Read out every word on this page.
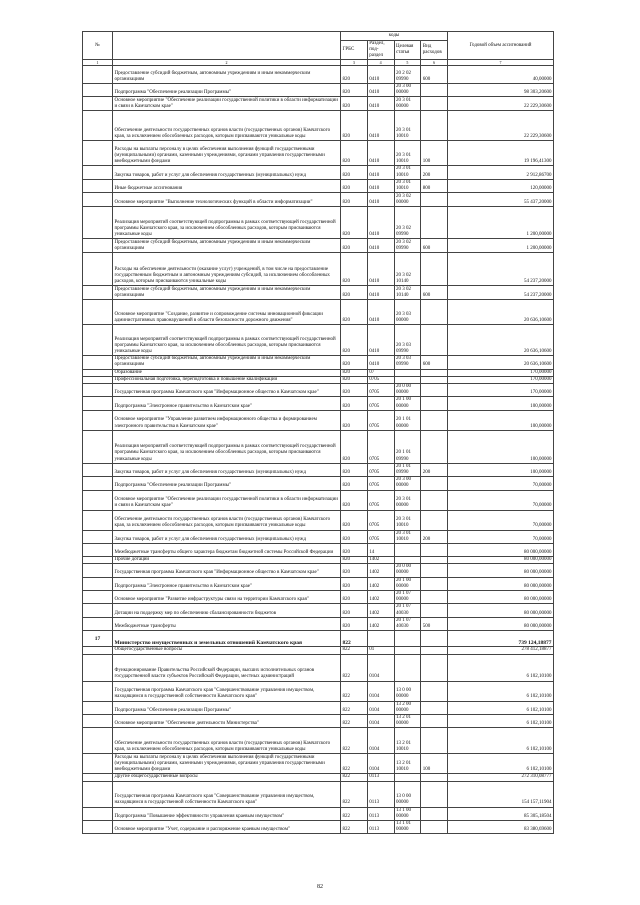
№		коды				Годовой объем ассигнований
		ГРБС	Раздел, под-раздел	Целевая статья	Вид расходов	
1	2	3	4	5	6	7
	Предоставление субсидий бюджетным, автономным учреждениям и иным некоммерческим организациям	820	0410	20 2 02 09990	600	40,00000
	Подпрограмма "Обеспечение реализации Программы"	820	0410	20 3 00 00000		98 303,20600
	Основное мероприятие "Обеспечение реализации государственной политики в области информатизации и связи в Камчатском крае"	820	0410	20 3 01 00000		22 229,30600
	Обеспечение деятельности государственных органов власти (государственных органов) Камчатского края, за исключением обособленных расходов, которым присваиваются уникальные коды	820	0410	20 3 01 10010		22 229,30600
	Расходы на выплаты персоналу в целях обеспечения выполнения функций государственными (муниципальными) органами, казенными учреждениями, органами управления государственными внебюджетными фондами	820	0410	20 3 01 10010	100	19 196,41300
	Закупка товаров, работ и услуг для обеспечения государственных (муниципальных) нужд	820	0410	20 3 01 10010	200	2 912,86700
	Иные бюджетные ассигнования	820	0410	20 3 01 10010	800	120,00000
	Основное мероприятие "Выполнение технологических функций в области информатизации"	820	0410	20 3 02 00000		55 437,20000
	Реализация мероприятий соответствующей подпрограммы в рамках соответствующей государственной программы Камчатского края, за исключением обособленных расходов, которым присваиваются уникальные коды	820	0410	20 3 02 09990		1 200,00000
	Предоставление субсидий бюджетным, автономным учреждениям и иным некоммерческим организациям	820	0410	20 3 02 09990	600	1 200,00000
	Расходы на обеспечение деятельности (оказание услуг) учреждений, в том числе на предоставление государственным бюджетным и автономным учреждениям субсидий, за исключением обособленных расходов, которым присваиваются уникальные коды	820	0410	20 3 02 10140		54 237,20000
	Предоставление субсидий бюджетным, автономным учреждениям и иным некоммерческим организациям	820	0410	20 3 02 10140	600	54 237,20000
	Основное мероприятие "Создание, развитие и сопровождение системы инновационной фиксации административных правонарушений в области безопасности дорожного движения"	820	0410	20 3 03 00000		20 636,10600
	Реализация мероприятий соответствующей подпрограммы в рамках соответствующей государственной программы Камчатского края, за исключением обособленных расходов, которым присваиваются уникальные коды	820	0410	20 3 03 09990		20 636,10600
	Предоставление субсидий бюджетным, автономным учреждениям и иным некоммерческим организациям	820	0410	20 3 03 09990	600	20 636,10600
	Образование	820	07			170,00000
	Профессиональная подготовка, переподготовка и повышение квалификации	820	0705			170,00000
	Государственная программа Камчатского края "Информационное общество в Камчатском крае"	820	0705	20 0 00 00000		170,00000
	Подпрограмма "Электронное правительство в Камчатском крае"	820	0705	20 1 00 00000		100,00000
	Основное мероприятие "Управление развитием информационного общества и формированием электронного правительства в Камчатском крае"	820	0705	20 1 01 00000		100,00000
	Реализация мероприятий соответствующей подпрограммы в рамках соответствующей государственной программы Камчатского края, за исключением обособленных расходов, которым присваиваются уникальные коды	820	0705	20 1 01 09990		100,00000
	Закупка товаров, работ и услуг для обеспечения государственных (муниципальных) нужд	820	0705	20 1 01 09990	200	100,00000
	Подпрограмма "Обеспечение реализации Программы"	820	0705	20 3 00 00000		70,00000
	Основное мероприятие "Обеспечение реализации государственной политики в области информатизации и связи в Камчатском крае"	820	0705	20 3 01 00000		70,00000
	Обеспечение деятельности государственных органов власти (государственных органов) Камчатского края, за исключением обособленных расходов, которым присваиваются уникальные коды	820	0705	20 3 01 10010		70,00000
	Закупка товаров, работ и услуг для обеспечения государственных (муниципальных) нужд	820	0705	20 3 01 10010	200	70,00000
	Межбюджетные трансферты общего характера бюджетам бюджетной системы Российской Федерации	820	14			80 000,00000
	Прочие дотации	820	1402			80 000,00000
	Государственная программа Камчатского края "Информационное общество в Камчатском крае"	820	1402	20 0 00 00000		80 000,00000
	Подпрограмма "Электронное правительство в Камчатском крае"	820	1402	20 1 00 00000		80 000,00000
	Основное мероприятие "Развитие инфраструктуры связи на территории Камчатского края"	820	1402	20 1 07 00000		80 000,00000
	Дотации на поддержку мер по обеспечению сбалансированности бюджетов	820	1402	20 1 07 40030		80 000,00000
	Межбюджетные трансферты	820	1402	20 1 07 40030	500	80 000,00000
17	Министерство имущественных и земельных отношений Камчатского края	822				739 124,18877
	Общегосударственные вопросы	822	01			278 412,18877
	Функционирование Правительства Российской Федерации, высших исполнительных органов государственной власти субъектов Российской Федерации, местных администраций	822	0104			6 102,10100
	Государственная программа Камчатского края "Совершенствование управления имуществом, находящимся в государственной собственности Камчатского края"	822	0104	13 0 00 00000		6 102,10100
	Подпрограмма "Обеспечение реализации Программы"	822	0104	13 2 00 00000		6 102,10100
	Основное мероприятие "Обеспечение деятельности Министерства"	822	0104	13 2 01 00000		6 102,10100
	Обеспечение деятельности государственных органов власти (государственных органов) Камчатского края, за исключением обособленных расходов, которым присваиваются уникальные коды	822	0104	13 2 01 10010		6 102,10100
	Расходы на выплаты персоналу в целях обеспечения выполнения функций государственными (муниципальными) органами, казенными учреждениями, органами управления государственными внебюджетными фондами	822	0104	13 2 01 10010	100	6 102,10100
	Другие общегосударственные вопросы	822	0113			272 310,08777
	Государственная программа Камчатского края "Совершенствование управления имуществом, находящимся в государственной собственности Камчатского края"	822	0113	13 0 00 00000		154 157,11904
	Подпрограмма "Повышение эффективности управления краевым имуществом"	822	0113	13 1 00 00000		85 305,18504
	Основное мероприятие "Учет, содержание и распоряжение краевым имуществом"	822	0113	13 1 01 00000		83 380,69600
82
